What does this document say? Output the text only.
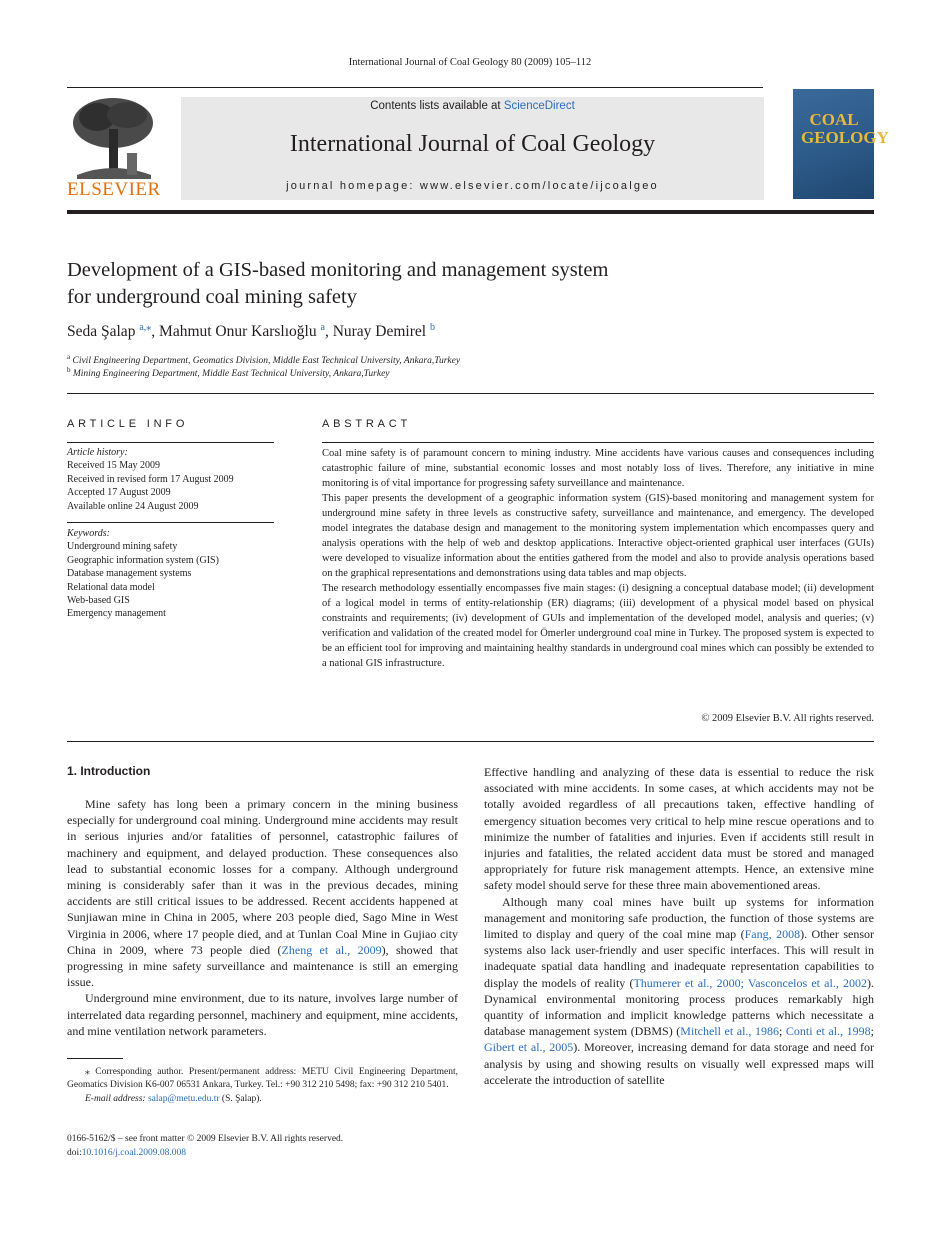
International Journal of Coal Geology 80 (2009) 105–112
ELSEVIER
Contents lists available at ScienceDirect
International Journal of Coal Geology
journal homepage: www.elsevier.com/locate/ijcoalgeo
COAL
GEOLOGY
Development of a GIS-based monitoring and management system
for underground coal mining safety
Seda Şalap $^{a,⁎}$, Mahmut Onur Karslıoğlu $^a$, Nuray Demirel $^b$
$^a$ Civil Engineering Department, Geomatics Division, Middle East Technical University, Ankara,Turkey
$^b$ Mining Engineering Department, Middle East Technical University, Ankara,Turkey
ARTICLE INFO	ABSTRACT
Article history:
Received 15 May 2009
Received in revised form 17 August 2009
Accepted 17 August 2009
Available online 24 August 2009
Keywords:
Underground mining safety
Geographic information system (GIS)
Database management systems
Relational data model
Web-based GIS
Emergency management

Coal mine safety is of paramount concern to mining industry. Mine accidents have various causes and consequences including catastrophic failure of mine, substantial economic losses and most notably loss of lives. Therefore, any initiative in mine monitoring is of vital importance for progressing safety surveillance and maintenance.

This paper presents the development of a geographic information system (GIS)-based monitoring and management system for underground mine safety in three levels as constructive safety, surveillance and maintenance, and emergency. The developed model integrates the database design and management to the monitoring system implementation which encompasses query and analysis operations with the help of web and desktop applications. Interactive object-oriented graphical user interfaces (GUIs) were developed to visualize information about the entities gathered from the model and also to provide analysis operations based on the graphical representations and demonstrations using data tables and map objects.

The research methodology essentially encompasses five main stages: (i) designing a conceptual database model; (ii) development of a logical model in terms of entity-relationship (ER) diagrams; (iii) development of a physical model based on physical constraints and requirements; (iv) development of GUIs and implementation of the developed model, analysis and queries; (v) verification and validation of the created model for Ömerler underground coal mine in Turkey. The proposed system is expected to be an efficient tool for improving and maintaining healthy standards in underground coal mines which can possibly be extended to a national GIS infrastructure.

© 2009 Elsevier B.V. All rights reserved.
1. Introduction

Mine safety has long been a primary concern in the mining business especially for underground coal mining. Underground mine accidents may result in serious injuries and/or fatalities of personnel, catastrophic failures of machinery and equipment, and delayed production. These consequences also lead to substantial economic losses for a company. Although underground mining is considerably safer than it was in the previous decades, mining accidents are still critical issues to be addressed. Recent accidents happened at Sunjiawan mine in China in 2005, where 203 people died, Sago Mine in West Virginia in 2006, where 17 people died, and at Tunlan Coal Mine in Gujiao city China in 2009, where 73 people died (Zheng et al., 2009), showed that progressing in mine safety surveillance and maintenance is still an emerging issue.

Underground mine environment, due to its nature, involves large number of interrelated data regarding personnel, machinery and equipment, mine accidents, and mine ventilation network parameters.

Effective handling and analyzing of these data is essential to reduce the risk associated with mine accidents. In some cases, at which accidents may not be totally avoided regardless of all precautions taken, effective handling of emergency situation becomes very critical to help mine rescue operations and to minimize the number of fatalities and injuries. Even if accidents still result in injuries and fatalities, the related accident data must be stored and managed appropriately for future risk management attempts. Hence, an extensive mine safety model should serve for these three main abovementioned areas.

Although many coal mines have built up systems for information management and monitoring safe production, the function of those systems are limited to display and query of the coal mine map (Fang, 2008). Other sensor systems also lack user-friendly and user specific interfaces. This will result in inadequate spatial data handling and inadequate representation capabilities to display the models of reality (Thumerer et al., 2000; Vasconcelos et al., 2002). Dynamical environmental monitoring process produces remarkably high quantity of information and implicit knowledge patterns which necessitate a database management system (DBMS) (Mitchell et al., 1986; Conti et al., 1998; Gibert et al., 2005). Moreover, increasing demand for data storage and need for analysis by using and showing results on visually well expressed maps will accelerate the introduction of satellite

⁎ Corresponding author. Present/permanent address: METU Civil Engineering Department, Geomatics Division K6-007 06531 Ankara, Turkey. Tel.: +90 312 210 5498; fax: +90 312 210 5401.
E-mail address: salap@metu.edu.tr (S. Şalap).
0166-5162/$ – see front matter © 2009 Elsevier B.V. All rights reserved.
doi:10.1016/j.coal.2009.08.008
